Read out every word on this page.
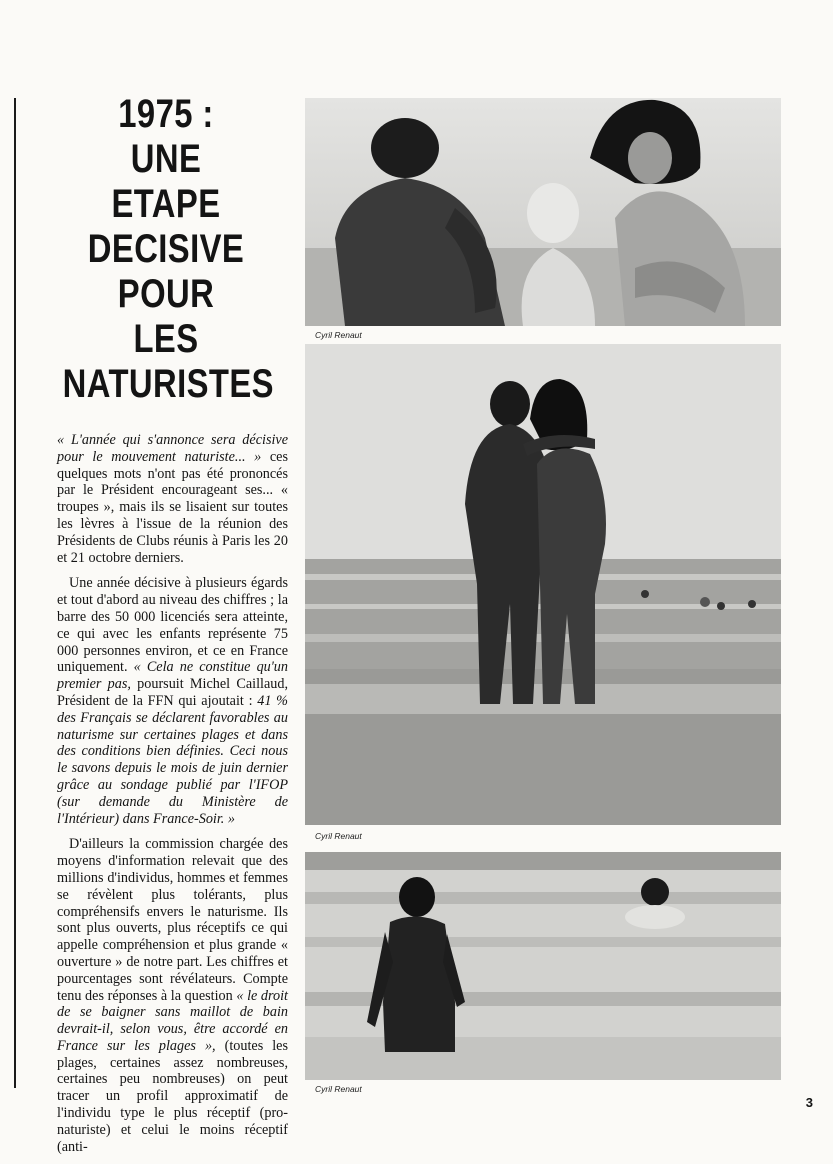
1975 :
UNE
ETAPE
DECISIVE
POUR
LES
NATURISTES

« L'année qui s'annonce sera décisive pour le mouvement naturiste... » ces quelques mots n'ont pas été prononcés par le Président encourageant ses... « troupes », mais ils se lisaient sur toutes les lèvres à l'issue de la réunion des Présidents de Clubs réunis à Paris les 20 et 21 octobre derniers.

Une année décisive à plusieurs égards et tout d'abord au niveau des chiffres ; la barre des 50 000 licenciés sera atteinte, ce qui avec les enfants représente 75 000 personnes environ, et ce en France uniquement. « Cela ne constitue qu'un premier pas, poursuit Michel Caillaud, Président de la FFN qui ajoutait : 41 % des Français se déclarent favorables au naturisme sur certaines plages et dans des conditions bien définies. Ceci nous le savons depuis le mois de juin dernier grâce au sondage publié par l'IFOP (sur demande du Ministère de l'Intérieur) dans France-Soir. »

D'ailleurs la commission chargée des moyens d'information relevait que des millions d'individus, hommes et femmes se révèlent plus tolérants, plus compréhensifs envers le naturisme. Ils sont plus ouverts, plus réceptifs ce qui appelle compréhension et plus grande « ouverture » de notre part. Les chiffres et pourcentages sont révélateurs. Compte tenu des réponses à la question « le droit de se baigner sans maillot de bain devrait-il, selon vous, être accordé en France sur les plages », (toutes les plages, certaines assez nombreuses, certaines peu nombreuses) on peut tracer un profil approximatif de l'individu type le plus réceptif (pro-naturiste) et celui le moins réceptif (anti-

Cyril Renaut
Cyril Renaut
Cyril Renaut
3
